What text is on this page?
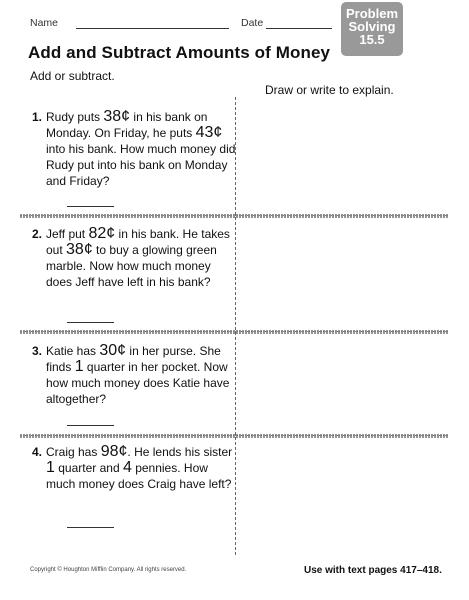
Name	Date
Problem
Solving
15.5
Add and Subtract Amounts of Money
Add or subtract.
Draw or write to explain.
1. Rudy puts 38¢ in his bank on Monday. On Friday, he puts 43¢ into his bank. How much money did Rudy put into his bank on Monday and Friday?
2. Jeff put 82¢ in his bank. He takes out 38¢ to buy a glowing green marble. Now how much money does Jeff have left in his bank?
3. Katie has 30¢ in her purse. She finds 1 quarter in her pocket. Now how much money does Katie have altogether?
4. Craig has 98¢. He lends his sister 1 quarter and 4 pennies. How much money does Craig have left?
Copyright © Houghton Mifflin Company. All rights reserved.	Use with text pages 417–418.
